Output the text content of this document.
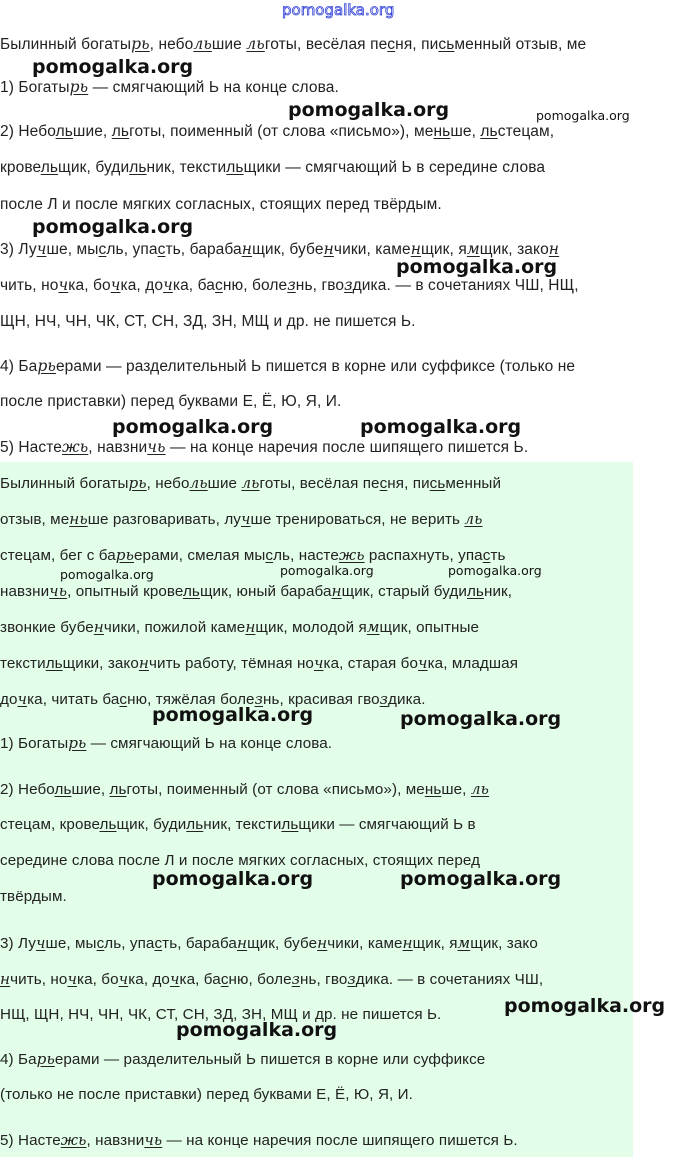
pomogalka.org
Былинный богатырь, небольшие льготы, весёлая песня, письменный отзыв, ме
1) Богатырь — смягчающий Ь на конце слова.
2) Небольшие, льготы, поименный (от слова «письмо»), меньше, льстецам,
кровельщик, будильник, текстильщики — смягчающий Ь в середине слова
после Л и после мягких согласных, стоящих перед твёрдым.
3) Лучше, мысль, упасть, барабанщик, бубенчики, каменщик, ямщик, закон
чить, ночка, бочка, дочка, басню, болезнь, гвоздика. — в сочетаниях ЧШ, НЩ,
ЩН, НЧ, ЧН, ЧК, СТ, СН, ЗД, ЗН, МЩ и др. не пишется Ь.
4) Барьерами — разделительный Ь пишется в корне или суффиксе (только не
после приставки) перед буквами Е, Ё, Ю, Я, И.
5) Настежь, навзничь — на конце наречия после шипящего пишется Ь.
Былинный богатырь, небольшие льготы, весёлая песня, письменный
отзыв, меньше разговаривать, лучше тренироваться, не верить ль
стецам, бег с барьерами, смелая мысль, настежь распахнуть, упасть
навзничь, опытный кровельщик, юный барабанщик, старый будильник,
звонкие бубенчики, пожилой каменщик, молодой ямщик, опытные
текстильщики, закончить работу, тёмная ночка, старая бочка, младшая
дочка, читать басню, тяжёлая болезнь, красивая гвоздика.
1) Богатырь — смягчающий Ь на конце слова.
2) Небольшие, льготы, поименный (от слова «письмо»), меньше, ль
стецам, кровельщик, будильник, текстильщики — смягчающий Ь в
середине слова после Л и после мягких согласных, стоящих перед
твёрдым.
3) Лучше, мысль, упасть, барабанщик, бубенчики, каменщик, ямщик, зако
нчить, ночка, бочка, дочка, басню, болезнь, гвоздика. — в сочетаниях ЧШ,
НЩ, ЩН, НЧ, ЧН, ЧК, СТ, СН, ЗД, ЗН, МЩ и др. не пишется Ь.
4) Барьерами — разделительный Ь пишется в корне или суффиксе
(только не после приставки) перед буквами Е, Ё, Ю, Я, И.
5) Настежь, навзничь — на конце наречия после шипящего пишется Ь.
pomogalka.org
pomogalka.org	pomogalka.org
pomogalka.org
pomogalka.org
pomogalka.org	pomogalka.org
pomogalka.org	pomogalka.org	pomogalka.org
pomogalka.org	pomogalka.org
pomogalka.org	pomogalka.org
pomogalka.org
pomogalka.org
